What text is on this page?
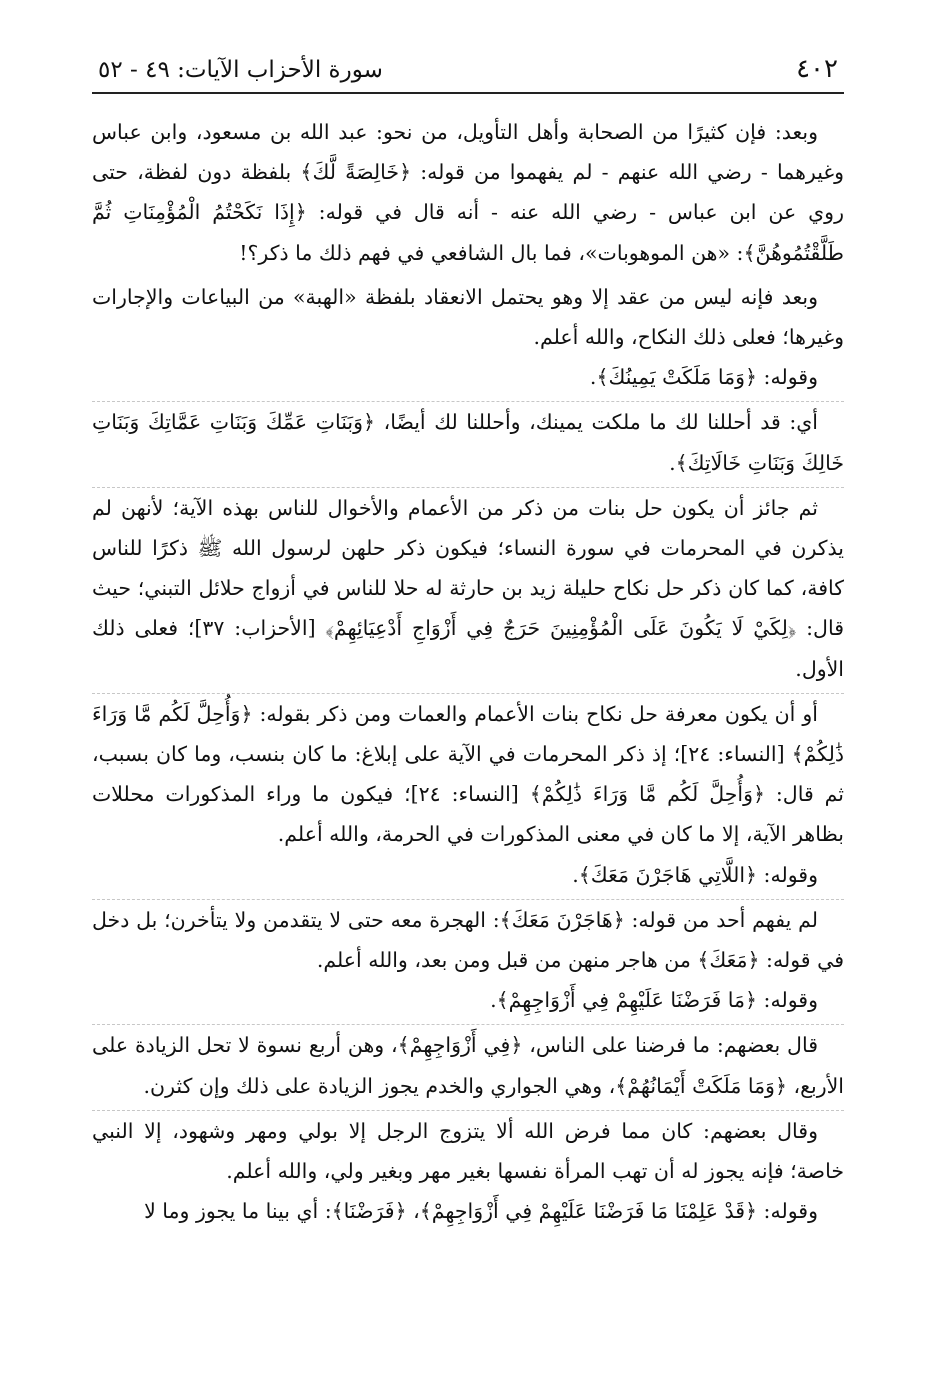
٤٠٢
سورة الأحزاب الآيات: ٤٩ - ٥٢

وبعد: فإن كثيرًا من الصحابة وأهل التأويل، من نحو: عبد الله بن مسعود، وابن عباس وغيرهما - رضي الله عنهم - لم يفهموا من قوله: ﴿خَالِصَةً لَّكَ﴾ بلفظة دون لفظة، حتى روي عن ابن عباس - رضي الله عنه - أنه قال في قوله: ﴿إِذَا نَكَحْتُمُ الْمُؤْمِنَاتِ ثُمَّ طَلَّقْتُمُوهُنَّ﴾: «هن الموهوبات»، فما بال الشافعي في فهم ذلك ما ذكر؟!

وبعد فإنه ليس من عقد إلا وهو يحتمل الانعقاد بلفظة «الهبة» من البياعات والإجارات وغيرها؛ فعلى ذلك النكاح، والله أعلم.

وقوله: ﴿وَمَا مَلَكَتْ يَمِينُكَ﴾.

أي: قد أحللنا لك ما ملكت يمينك، وأحللنا لك أيضًا، ﴿وَبَنَاتِ عَمِّكَ وَبَنَاتِ عَمَّاتِكَ وَبَنَاتِ خَالِكَ وَبَنَاتِ خَالَاتِكَ﴾.

ثم جائز أن يكون حل بنات من ذكر من الأعمام والأخوال للناس بهذه الآية؛ لأنهن لم يذكرن في المحرمات في سورة النساء؛ فيكون ذكر حلهن لرسول الله ﷺ ذكرًا للناس كافة، كما كان ذكر حل نكاح حليلة زيد بن حارثة له حلا للناس في أزواج حلائل التبني؛ حيث قال: ﴿لِكَيْ لَا يَكُونَ عَلَى الْمُؤْمِنِينَ حَرَجٌ فِي أَزْوَاجِ أَدْعِيَائِهِمْ﴾ [الأحزاب: ٣٧]؛ فعلى ذلك الأول.

أو أن يكون معرفة حل نكاح بنات الأعمام والعمات ومن ذكر بقوله: ﴿وَأُحِلَّ لَكُم مَّا وَرَاءَ ذَٰلِكُمْ﴾ [النساء: ٢٤]؛ إذ ذكر المحرمات في الآية على إبلاغ: ما كان بنسب، وما كان بسبب، ثم قال: ﴿وَأُحِلَّ لَكُم مَّا وَرَاءَ ذَٰلِكُمْ﴾ [النساء: ٢٤]؛ فيكون ما وراء المذكورات محللات بظاهر الآية، إلا ما كان في معنى المذكورات في الحرمة، والله أعلم.

وقوله: ﴿اللَّاتِي هَاجَرْنَ مَعَكَ﴾.

لم يفهم أحد من قوله: ﴿هَاجَرْنَ مَعَكَ﴾: الهجرة معه حتى لا يتقدمن ولا يتأخرن؛ بل دخل في قوله: ﴿مَعَكَ﴾ من هاجر منهن من قبل ومن بعد، والله أعلم.

وقوله: ﴿مَا فَرَضْنَا عَلَيْهِمْ فِي أَزْوَاجِهِمْ﴾.

قال بعضهم: ما فرضنا على الناس، ﴿فِي أَزْوَاجِهِمْ﴾، وهن أربع نسوة لا تحل الزيادة على الأربع، ﴿وَمَا مَلَكَتْ أَيْمَانُهُمْ﴾، وهي الجواري والخدم يجوز الزيادة على ذلك وإن كثرن.

وقال بعضهم: كان مما فرض الله ألا يتزوج الرجل إلا بولي ومهر وشهود، إلا النبي خاصة؛ فإنه يجوز له أن تهب المرأة نفسها بغير مهر وبغير ولي، والله أعلم.

وقوله: ﴿قَدْ عَلِمْنَا مَا فَرَضْنَا عَلَيْهِمْ فِي أَزْوَاجِهِمْ﴾، ﴿فَرَضْنَا﴾: أي بينا ما يجوز وما لا
